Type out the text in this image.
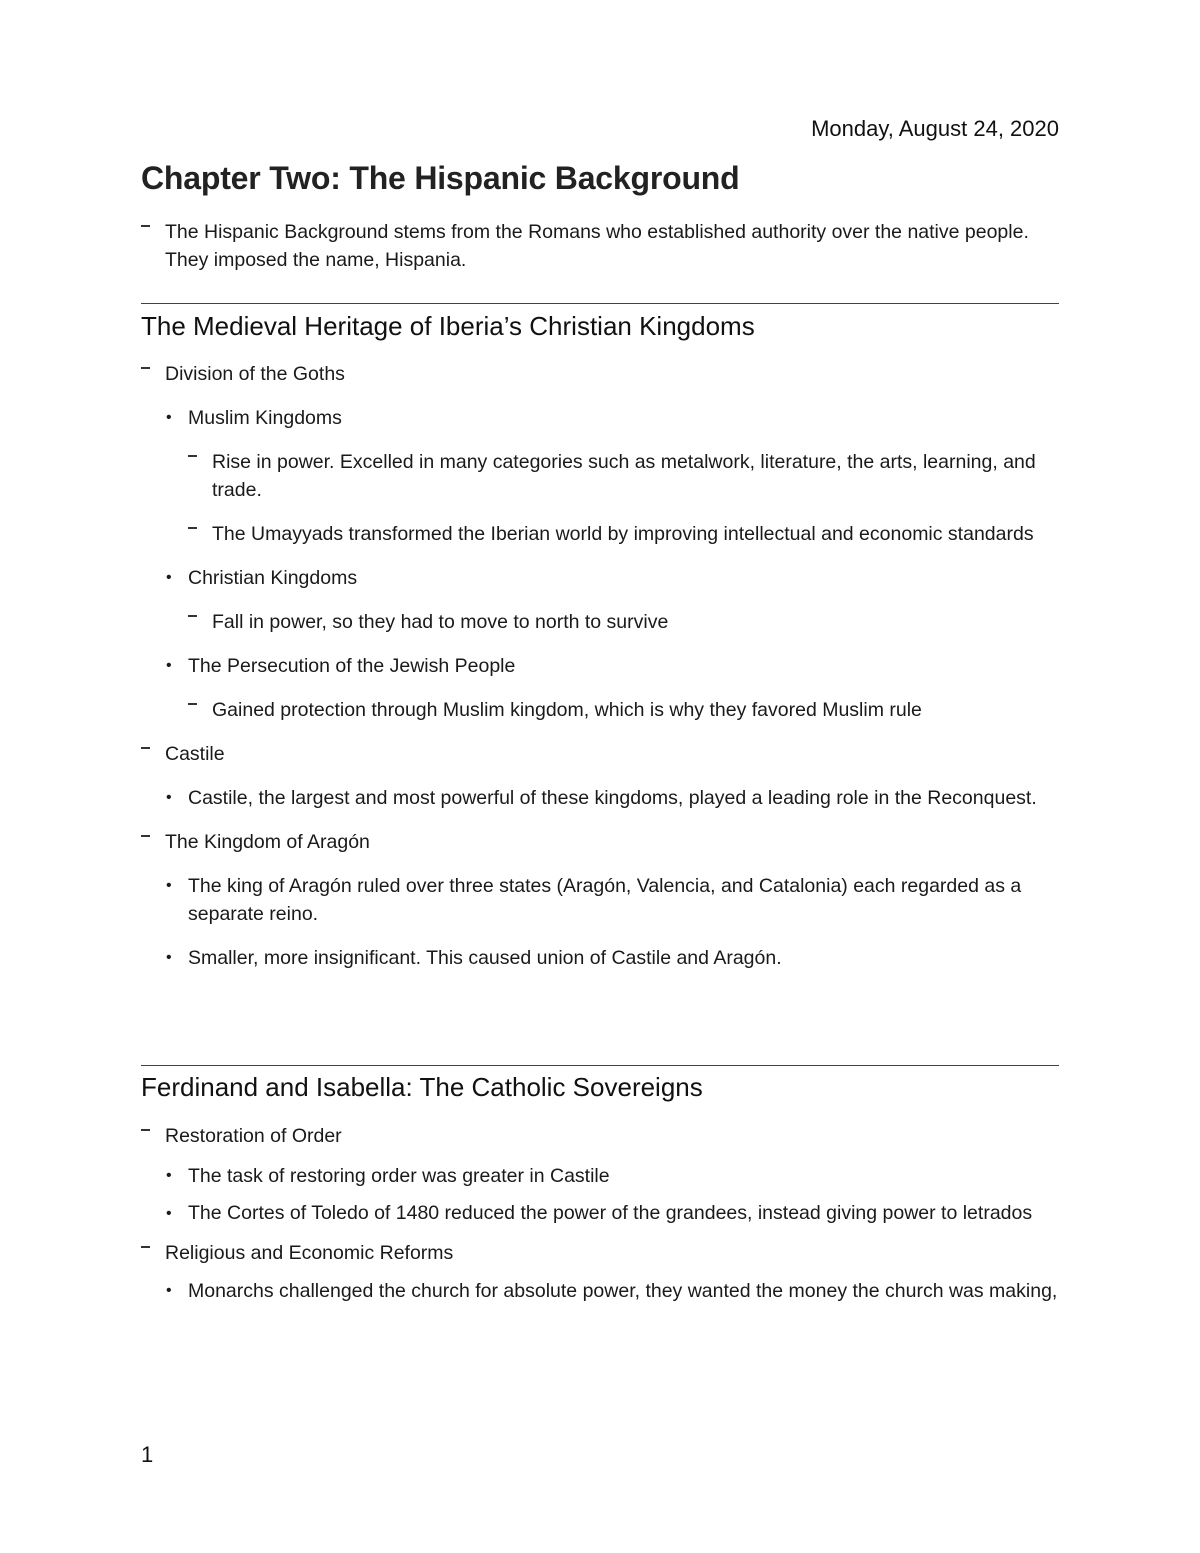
Monday, August 24, 2020
Chapter Two: The Hispanic Background
The Hispanic Background stems from the Romans who established authority over the native people. They imposed the name, Hispania.
The Medieval Heritage of Iberia’s Christian Kingdoms
Division of the Goths
• Muslim Kingdoms
Rise in power. Excelled in many categories such as metalwork, literature, the arts, learning, and trade.
The Umayyads transformed the Iberian world by improving intellectual and economic standards
• Christian Kingdoms
Fall in power, so they had to move to north to survive
• The Persecution of the Jewish People
Gained protection through Muslim kingdom, which is why they favored Muslim rule
Castile
• Castile, the largest and most powerful of these kingdoms, played a leading role in the Reconquest.
The Kingdom of Aragón
• The king of Aragón ruled over three states (Aragón, Valencia, and Catalonia) each regarded as a separate reino.
• Smaller, more insignificant. This caused union of Castile and Aragón.
Ferdinand and Isabella: The Catholic Sovereigns
Restoration of Order
• The task of restoring order was greater in Castile
• The Cortes of Toledo of 1480 reduced the power of the grandees, instead giving power to letrados
Religious and Economic Reforms
• Monarchs challenged the church for absolute power, they wanted the money the church was making,
1
